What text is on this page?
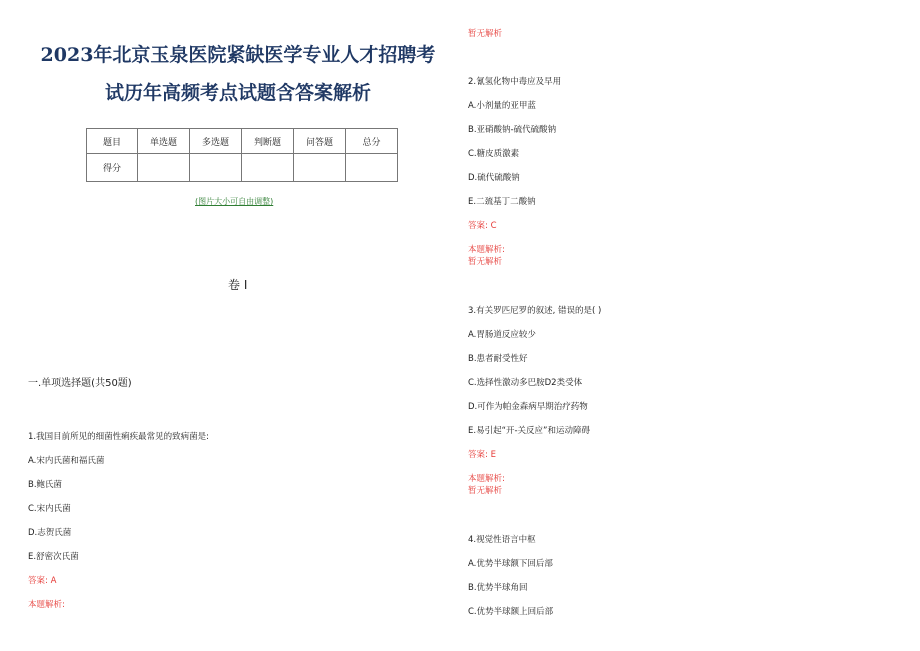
2023年北京玉泉医院紧缺医学专业人才招聘考
试历年高频考点试题含答案解析
题目	单选题	多选题	判断题	问答题	总分
得分					
(图片大小可自由调整)
卷 I
一.单项选择题(共50题)
1.我国目前所见的细菌性痢疾最常见的致病菌是:
A.宋内氏菌和福氏菌
B.鲍氏菌
C.宋内氏菌
D.志贺氏菌
E.舒密次氏菌
答案: A
本题解析:
暂无解析
2.氰氢化物中毒应及早用
A.小剂量的亚甲蓝
B.亚硝酸钠-硫代硫酸钠
C.糖皮质激素
D.硫代硫酸钠
E.二巯基丁二酸钠
答案: C
本题解析:
暂无解析
3.有关罗匹尼罗的叙述, 错误的是( )
A.胃肠道反应较少
B.患者耐受性好
C.选择性激动多巴胺D2类受体
D.可作为帕金森病早期治疗药物
E.易引起“开-关反应”和运动障碍
答案: E
本题解析:
暂无解析
4.视觉性语言中枢
A.优势半球额下回后部
B.优势半球角回
C.优势半球额上回后部
